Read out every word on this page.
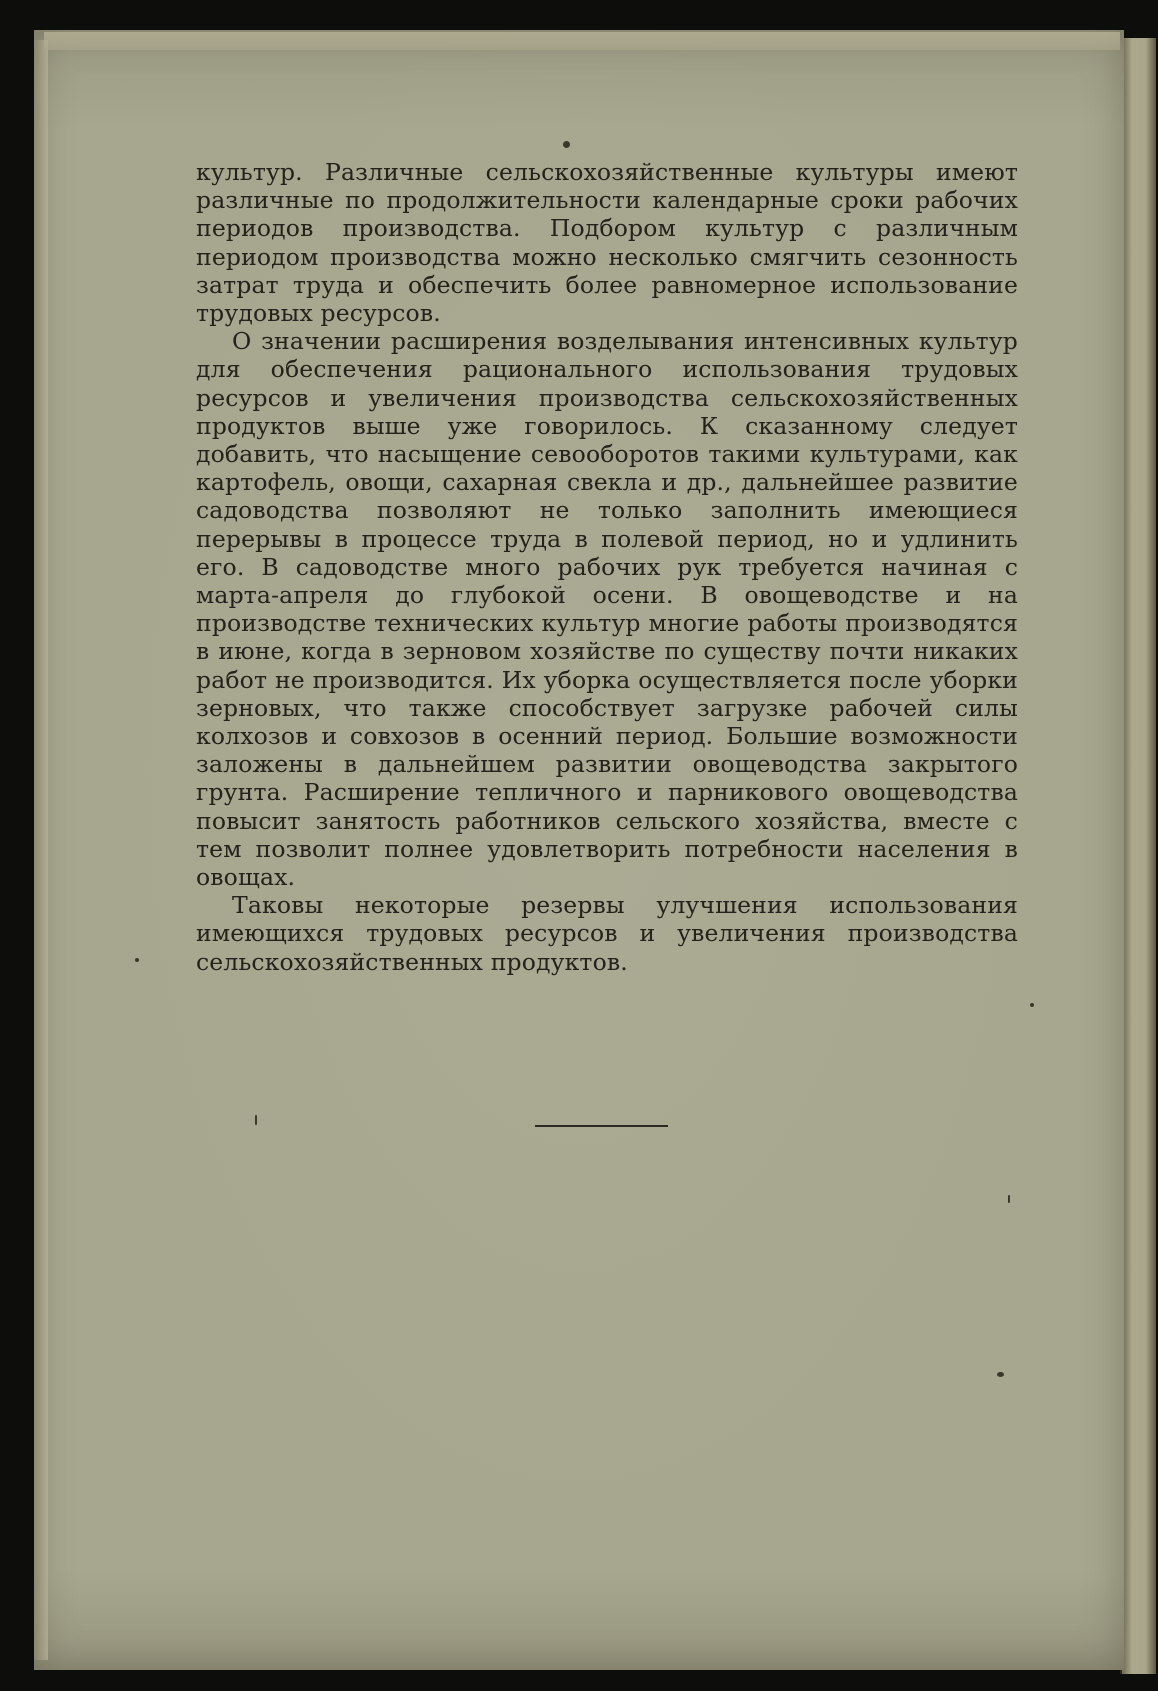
культур. Различные сельскохозяйственные культуры имеют различные по продолжительности календарные сроки рабочих периодов производства. Подбором культур с различным периодом производства можно несколько смягчить сезонность затрат труда и обеспечить более равномерное использование трудовых ресурсов.

О значении расширения возделывания интенсивных культур для обеспечения рационального использования трудовых ресурсов и увеличения производства сельскохозяйственных продуктов выше уже говорилось. К сказанному следует добавить, что насыщение севооборотов такими культурами, как картофель, овощи, сахарная свекла и др., дальнейшее развитие садоводства позволяют не только заполнить имеющиеся перерывы в процессе труда в полевой период, но и удлинить его. В садоводстве много рабочих рук требуется начиная с марта-апреля до глубокой осени. В овощеводстве и на производстве технических культур многие работы производятся в июне, когда в зерновом хозяйстве по существу почти никаких работ не производится. Их уборка осуществляется после уборки зерновых, что также способствует загрузке рабочей силы колхозов и совхозов в осенний период. Большие возможности заложены в дальнейшем развитии овощеводства закрытого грунта. Расширение тепличного и парникового овощеводства повысит занятость работников сельского хозяйства, вместе с тем позволит полнее удовлетворить потребности населения в овощах.

Таковы некоторые резервы улучшения использования имеющихся трудовых ресурсов и увеличения производства сельскохозяйственных продуктов.
